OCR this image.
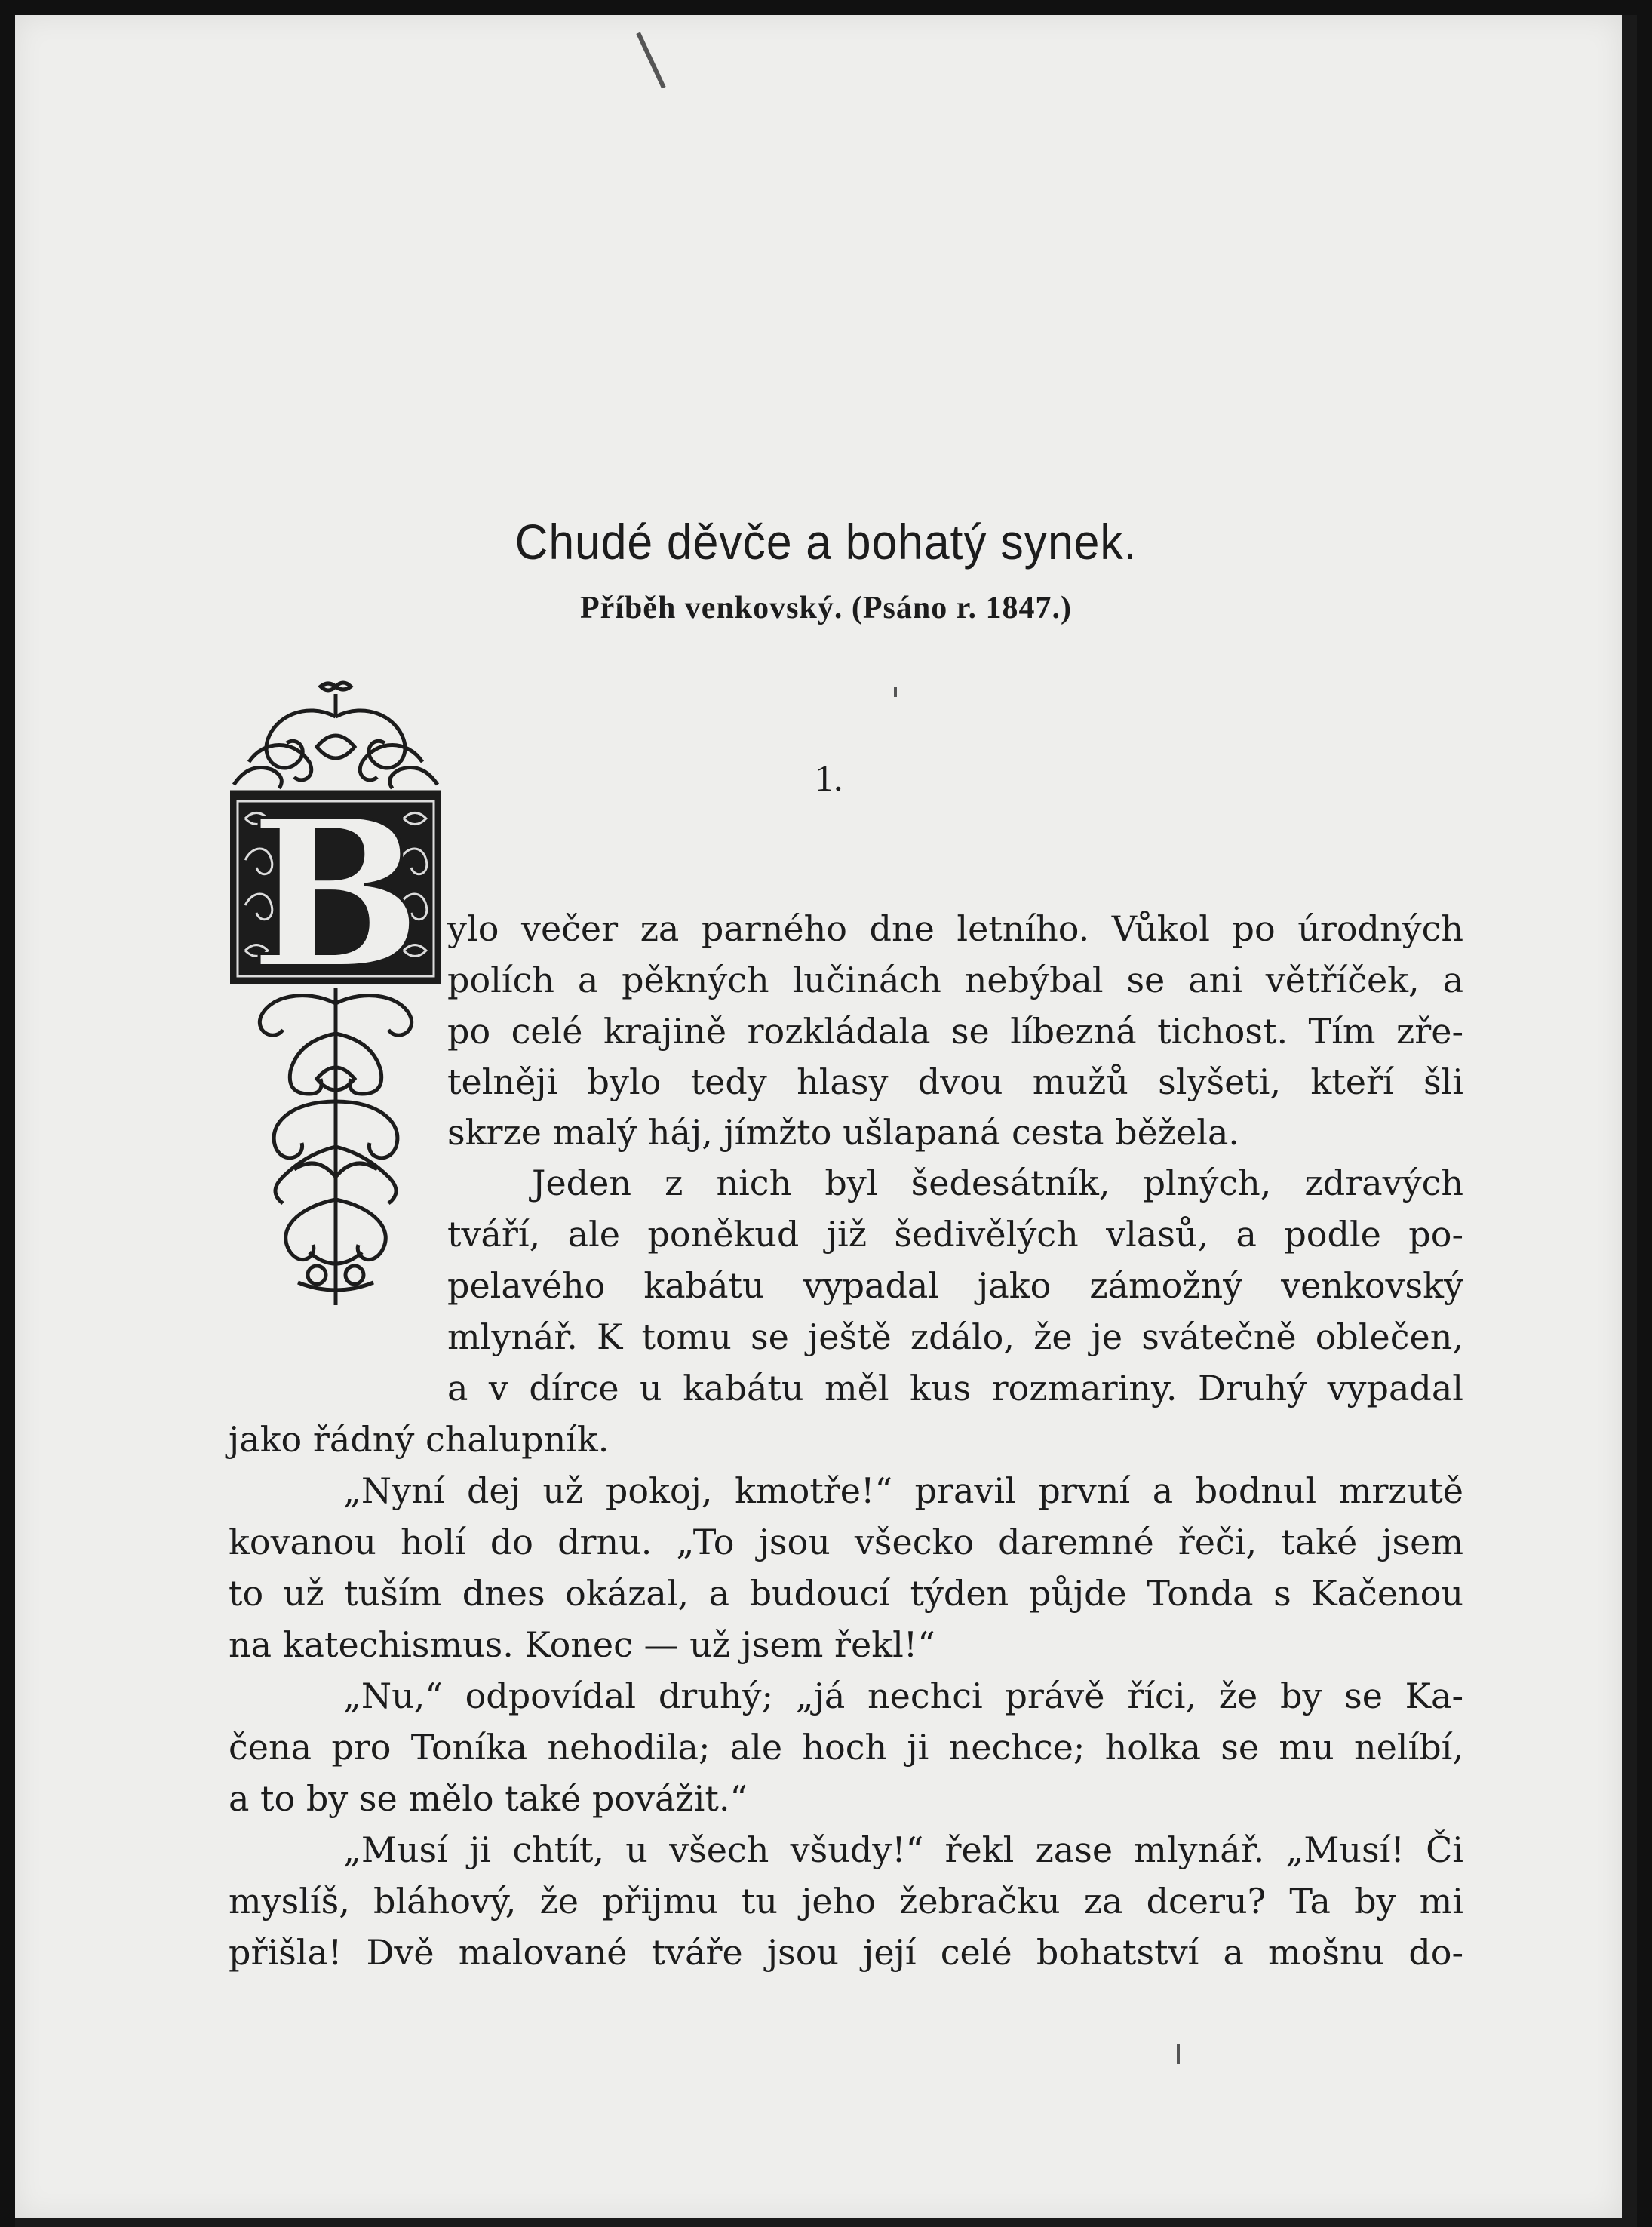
Chudé děvče a bohatý synek.
Příběh venkovský. (Psáno r. 1847.)
1.
B ylo večer za parného dne letního. Vůkol po úrodných
polích a pěkných lučinách nebýbal se ani větříček, a
po celé krajině rozkládala se líbezná tichost. Tím zře-
telněji bylo tedy hlasy dvou mužů slyšeti, kteří šli
skrze malý háj, jímžto ušlapaná cesta běžela.
Jeden z nich byl šedesátník, plných, zdravých
tváří, ale poněkud již šedivělých vlasů, a podle po-
pelavého kabátu vypadal jako zámožný venkovský
mlynář. K tomu se ještě zdálo, že je svátečně oblečen,
a v dírce u kabátu měl kus rozmariny. Druhý vypadal
jako řádný chalupník.
„Nyní dej už pokoj, kmotře!“ pravil první a bodnul mrzutě
kovanou holí do drnu. „To jsou všecko daremné řeči, také jsem
to už tuším dnes okázal, a budoucí týden půjde Tonda s Kačenou
na katechismus. Konec — už jsem řekl!“
„Nu,“ odpovídal druhý; „já nechci právě říci, že by se Ka-
čena pro Toníka nehodila; ale hoch ji nechce; holka se mu nelíbí,
a to by se mělo také povážit.“
„Musí ji chtít, u všech všudy!“ řekl zase mlynář. „Musí! Či
myslíš, bláhový, že přijmu tu jeho žebračku za dceru? Ta by mi
přišla! Dvě malované tváře jsou její celé bohatství a mošnu do-
